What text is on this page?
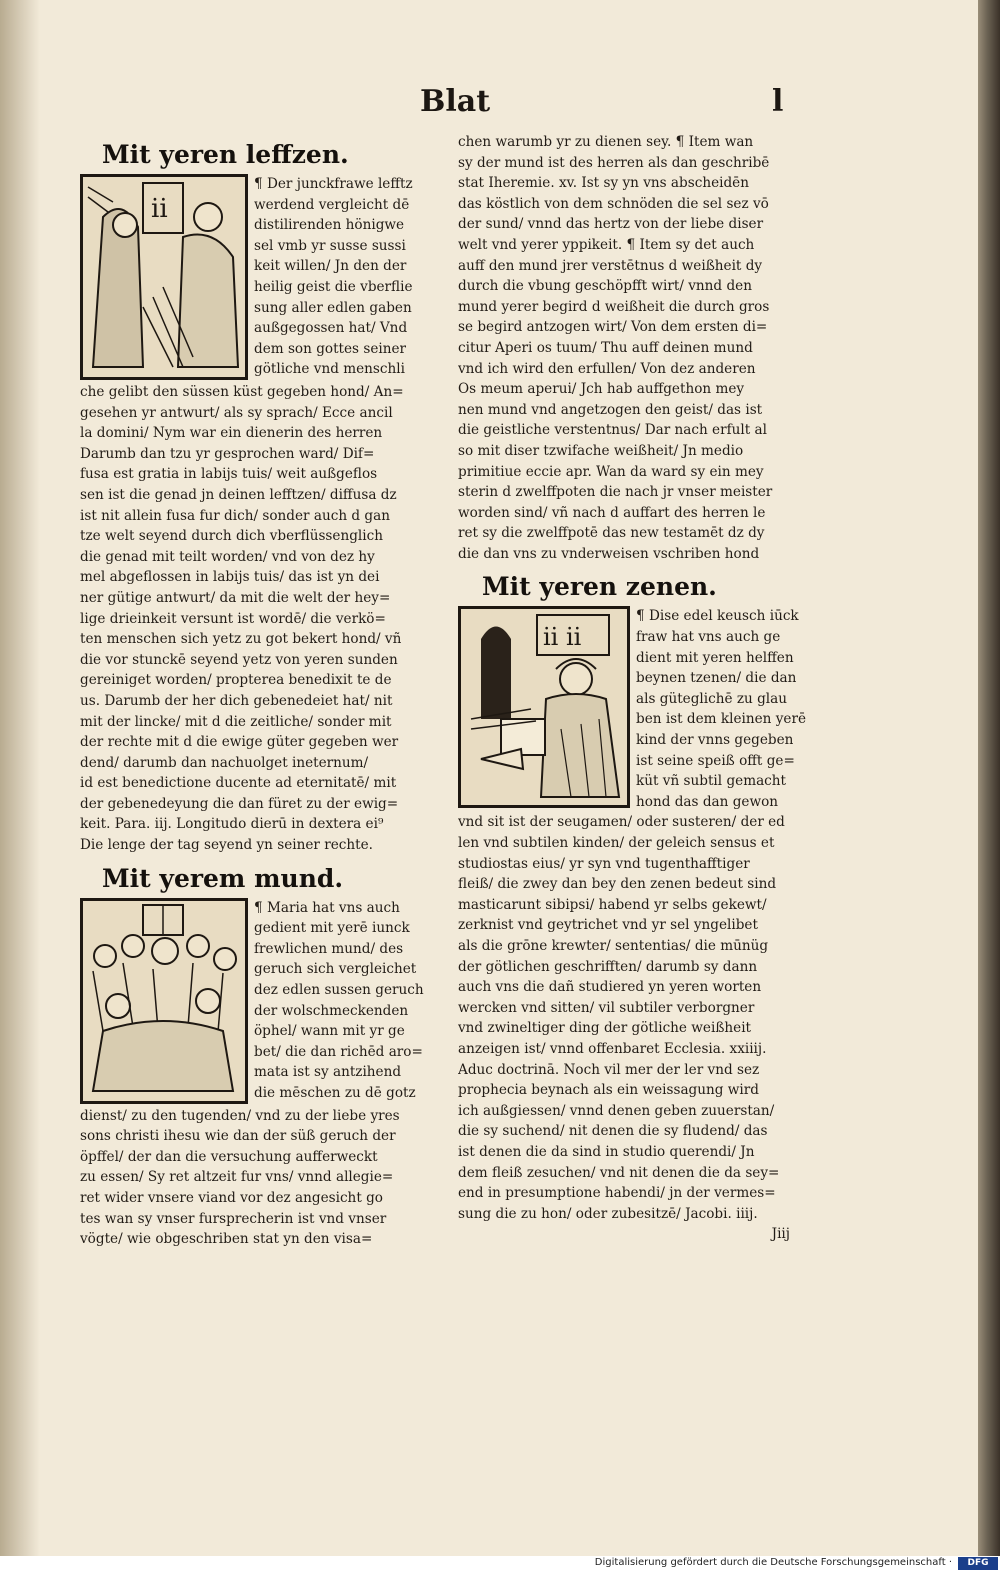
Blat	l
Mit yeren leffzen.
ii
¶ Der junckfrawe lefftz
werdend vergleicht dē
distilirenden hönigwe
sel vmb yr susse sussi
keit willen/ Jn den der
heilig geist die vberflie
sung aller edlen gaben
außgegossen hat/ Vnd
dem son gottes seiner
götliche vnd menschli
che gelibt den süssen küst gegeben hond/ An=
gesehen yr antwurt/ als sy sprach/ Ecce ancil
la domini/ Nym war ein dienerin des herren
Darumb dan tzu yr gesprochen ward/ Dif=
fusa est gratia in labijs tuis/ weit außgeflos
sen ist die genad jn deinen lefftzen/ diffusa dz
ist nit allein fusa fur dich/ sonder auch d gan
tze welt seyend durch dich vberflüssenglich
die genad mit teilt worden/ vnd von dez hy
mel abgeflossen in labijs tuis/ das ist yn dei
ner gütige antwurt/ da mit die welt der hey=
lige drieinkeit versunt ist wordē/ die verkö=
ten menschen sich yetz zu got bekert hond/ vñ
die vor stunckē seyend yetz von yeren sunden
gereiniget worden/ propterea benedixit te de
us. Darumb der her dich gebenedeiet hat/ nit
mit der lincke/ mit d die zeitliche/ sonder mit
der rechte mit d die ewige güter gegeben wer
dend/ darumb dan nachuolget ineternum/
id est benedictione ducente ad eternitatē/ mit
der gebenedeyung die dan füret zu der ewig=
keit. Para. iij. Longitudo dierū in dextera ei⁹
Die lenge der tag seyend yn seiner rechte.
Mit yerem mund.
¶ Maria hat vns auch
gedient mit yerē iunck
frewlichen mund/ des
geruch sich vergleichet
dez edlen sussen geruch
der wolschmeckenden
öphel/ wann mit yr ge
bet/ die dan richēd aro=
mata ist sy antzihend
die mēschen zu dē gotz
dienst/ zu den tugenden/ vnd zu der liebe yres
sons christi ihesu wie dan der süß geruch der
öpffel/ der dan die versuchung aufferweckt
zu essen/ Sy ret altzeit fur vns/ vnnd allegie=
ret wider vnsere viand vor dez angesicht go
tes wan sy vnser fursprecherin ist vnd vnser
vögte/ wie obgeschriben stat yn den visa=
chen warumb yr zu dienen sey. ¶ Item wan
sy der mund ist des herren als dan geschribē
stat Iheremie. xv. Ist sy yn vns abscheidēn
das köstlich von dem schnöden die sel sez vō
der sund/ vnnd das hertz von der liebe diser
welt vnd yerer yppikeit. ¶ Item sy det auch
auff den mund jrer verstētnus d weißheit dy
durch die vbung geschöpfft wirt/ vnnd den
mund yerer begird d weißheit die durch gros
se begird antzogen wirt/ Von dem ersten di=
citur Aperi os tuum/ Thu auff deinen mund
vnd ich wird den erfullen/ Von dez anderen
Os meum aperui/ Jch hab auffgethon mey
nen mund vnd angetzogen den geist/ das ist
die geistliche verstentnus/ Dar nach erfult al
so mit diser tzwifache weißheit/ Jn medio
primitiue eccie apr. Wan da ward sy ein mey
sterin d zwelffpoten die nach jr vnser meister
worden sind/ vñ nach d auffart des herren le
ret sy die zwelffpotē das new testamēt dz dy
die dan vns zu vnderweisen vschriben hond
Mit yeren zenen.
ii ii
¶ Dise edel keusch iūck
fraw hat vns auch ge
dient mit yeren helffen
beynen tzenen/ die dan
als güteglichē zu glau
ben ist dem kleinen yerē
kind der vnns gegeben
ist seine speiß offt ge=
küt vñ subtil gemacht
hond das dan gewon
vnd sit ist der seugamen/ oder susteren/ der ed
len vnd subtilen kinden/ der geleich sensus et
studiostas eius/ yr syn vnd tugenthafftiger
fleiß/ die zwey dan bey den zenen bedeut sind
masticarunt sibipsi/ habend yr selbs gekewt/
zerknist vnd geytrichet vnd yr sel yngelibet
als die grōne krewter/ sententias/ die mūnüg
der götlichen geschrifften/ darumb sy dann
auch vns die dañ studiered yn yeren worten
wercken vnd sitten/ vil subtiler verborgner
vnd zwineltiger ding der götliche weißheit
anzeigen ist/ vnnd offenbaret Ecclesia. xxiiij.
Aduc doctrinā. Noch vil mer der ler vnd sez
prophecia beynach als ein weissagung wird
ich außgiessen/ vnnd denen geben zuuerstan/
die sy suchend/ nit denen die sy fludend/ das
ist denen die da sind in studio querendi/ Jn
dem fleiß zesuchen/ vnd nit denen die da sey=
end in presumptione habendi/ jn der vermes=
sung die zu hon/ oder zubesitzē/ Jacobi. iiij.
Jiij
Digitalisierung gefördert durch die Deutsche Forschungsgemeinschaft ·	DFG
